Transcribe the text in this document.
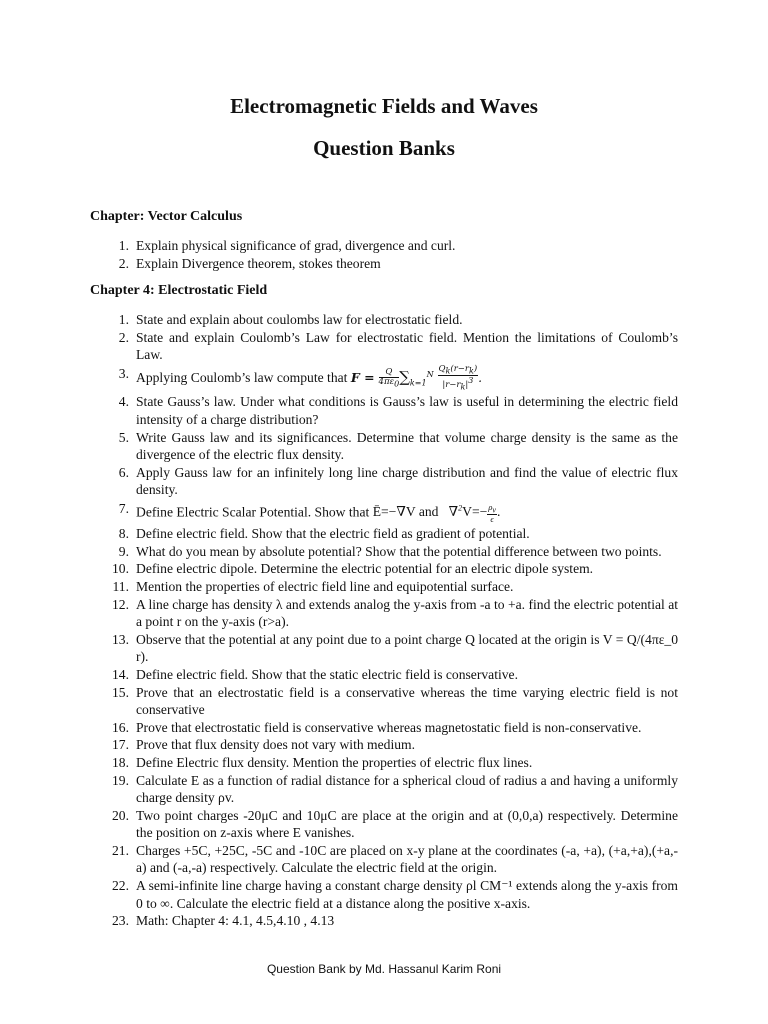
Electromagnetic Fields and Waves
Question Banks
Chapter: Vector Calculus
1. Explain physical significance of grad, divergence and curl.
2. Explain Divergence theorem, stokes theorem
Chapter 4: Electrostatic Field
1. State and explain about coulombs law for electrostatic field.
2. State and explain Coulomb’s Law for electrostatic field. Mention the limitations of Coulomb’s Law.
3. Applying Coulomb’s law compute that $F = \frac{Q}{4\pi\varepsilon 0} \sum_{k=1}^N \frac{Qk(r-rk)}{|r-rk|3}$ .
4. State Gauss’s law. Under what conditions is Gauss’s law is useful in determining the electric field intensity of a charge distribution?
5. Write Gauss law and its significances. Determine that volume charge density is the same as the divergence of the electric flux density.
6. Apply Gauss law for an infinitely long line charge distribution and find the value of electric flux density.
7. Define Electric Scalar Potential. Show that Ē=−∇V and $\nabla^2V=- \frac{\rho v}{\epsilon}$ .
8. Define electric field. Show that the electric field as gradient of potential.
9. What do you mean by absolute potential? Show that the potential difference between two points.
10. Define electric dipole. Determine the electric potential for an electric dipole system.
11. Mention the properties of electric field line and equipotential surface.
12. A line charge has density λ and extends analog the y-axis from -a to +a. find the electric potential at a point r on the y-axis (r>a).
13. Observe that the potential at any point due to a point charge Q located at the origin is V = Q/(4πε_0 r).
14. Define electric field. Show that the static electric field is conservative.
15. Prove that an electrostatic field is a conservative whereas the time varying electric field is not conservative
16. Prove that electrostatic field is conservative whereas magnetostatic field is non-conservative.
17. Prove that flux density does not vary with medium.
18. Define Electric flux density. Mention the properties of electric flux lines.
19. Calculate E as a function of radial distance for a spherical cloud of radius a and having a uniformly charge density ρv.
20. Two point charges -20μC and 10μC are place at the origin and at (0,0,a) respectively. Determine the position on z-axis where E vanishes.
21. Charges +5C, +25C, -5C and -10C are placed on x-y plane at the coordinates (-a, +a), (+a,+a),(+a,-a) and (-a,-a) respectively. Calculate the electric field at the origin.
22. A semi-infinite line charge having a constant charge density ρl CM⁻¹ extends along the y-axis from 0 to ∞. Calculate the electric field at a distance along the positive x-axis.
23. Math: Chapter 4: 4.1, 4.5,4.10 , 4.13

Question Bank by Md. Hassanul Karim Roni
